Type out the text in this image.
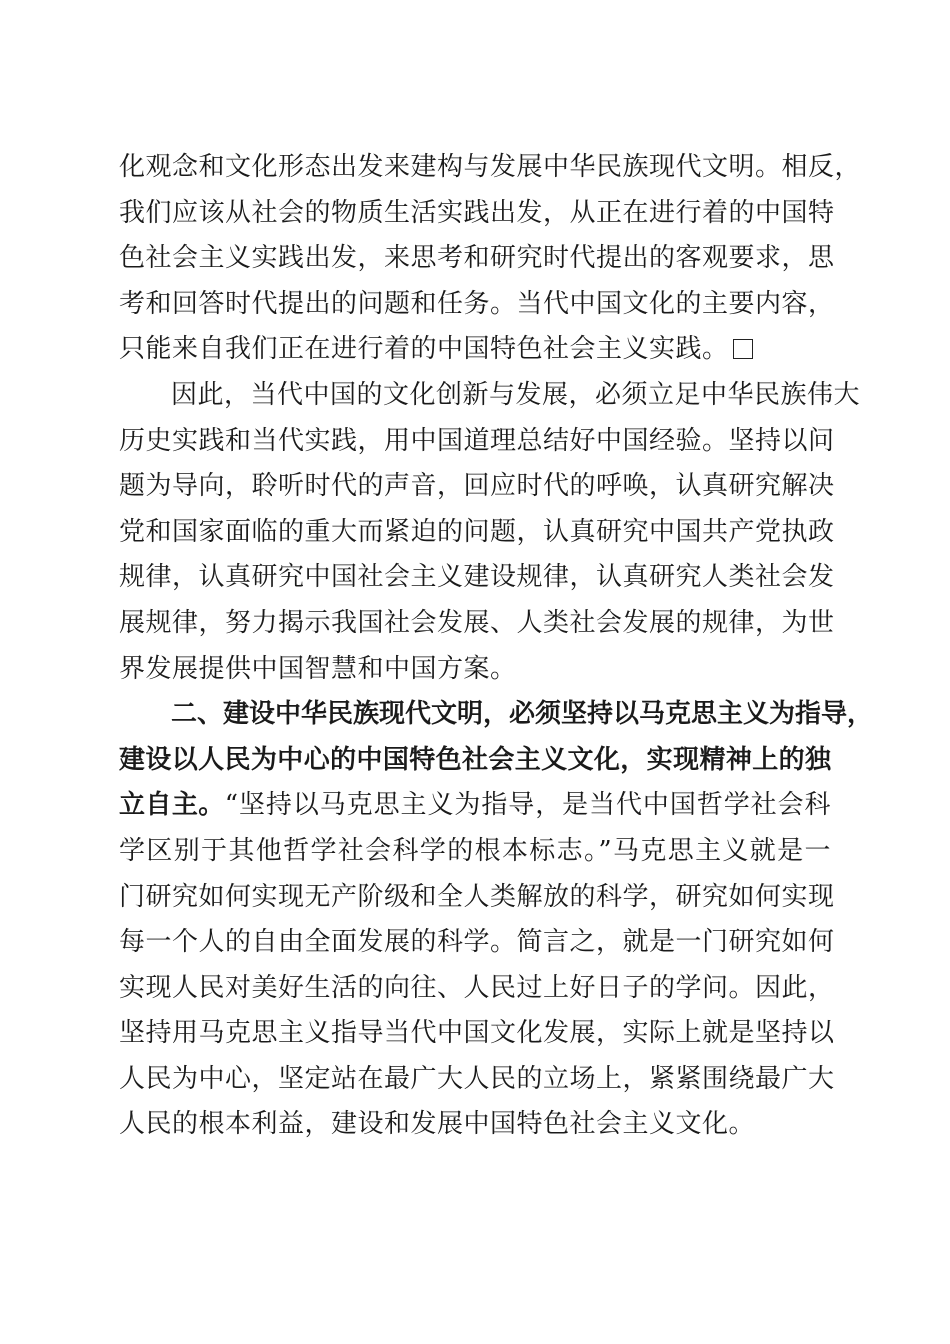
化观念和文化形态出发来建构与发展中华民族现代文明。相反，
我们应该从社会的物质生活实践出发，从正在进行着的中国特
色社会主义实践出发，来思考和研究时代提出的客观要求，思
考和回答时代提出的问题和任务。当代中国文化的主要内容，
只能来自我们正在进行着的中国特色社会主义实践。
因此，当代中国的文化创新与发展，必须立足中华民族伟大
历史实践和当代实践，用中国道理总结好中国经验。坚持以问
题为导向，聆听时代的声音，回应时代的呼唤，认真研究解决
党和国家面临的重大而紧迫的问题，认真研究中国共产党执政
规律，认真研究中国社会主义建设规律，认真研究人类社会发
展规律，努力揭示我国社会发展、人类社会发展的规律，为世
界发展提供中国智慧和中国方案。
二、建设中华民族现代文明，必须坚持以马克思主义为指导，
建设以人民为中心的中国特色社会主义文化，实现精神上的独
立自主。“坚持以马克思主义为指导，是当代中国哲学社会科
学区别于其他哲学社会科学的根本标志。”马克思主义就是一
门研究如何实现无产阶级和全人类解放的科学，研究如何实现
每一个人的自由全面发展的科学。简言之，就是一门研究如何
实现人民对美好生活的向往、人民过上好日子的学问。因此，
坚持用马克思主义指导当代中国文化发展，实际上就是坚持以
人民为中心，坚定站在最广大人民的立场上，紧紧围绕最广大
人民的根本利益，建设和发展中国特色社会主义文化。
